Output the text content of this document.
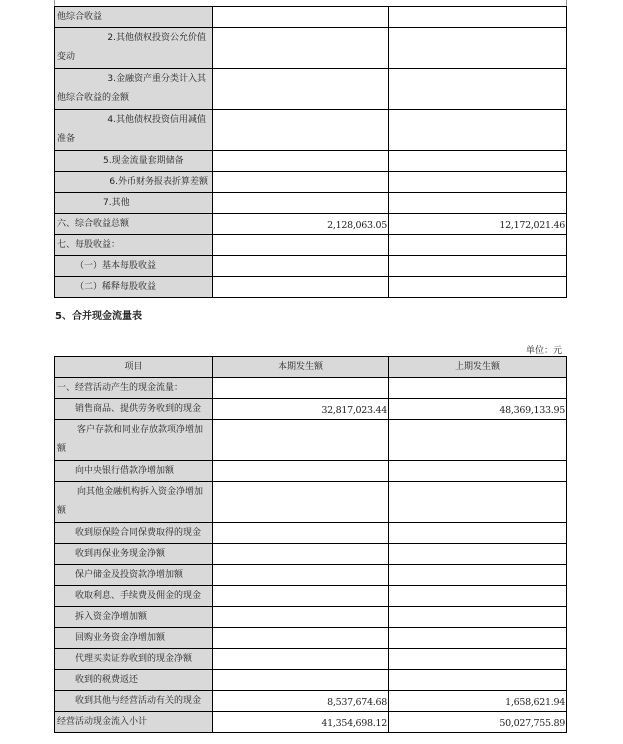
他综合收益		

2.其他债权投资公允价值
变动		

3.金融资产重分类计入其
他综合收益的金额		

4.其他债权投资信用减值
准备		

5.现金流量套期储备		
6.外币财务报表折算差额		
7.其他		
六、综合收益总额	2,128,063.05	12,172,021.46
七、每股收益：		
（一）基本每股收益		
（二）稀释每股收益		
5、合并现金流量表
单位：元
项目	本期发生额	上期发生额
一、经营活动产生的现金流量：		
销售商品、提供劳务收到的现金	32,817,023.44	48,369,133.95

客户存款和同业存放款项净增加
额		

向中央银行借款净增加额		

向其他金融机构拆入资金净增加
额		

收到原保险合同保费取得的现金		
收到再保业务现金净额		
保户储金及投资款净增加额		
收取利息、手续费及佣金的现金		
拆入资金净增加额		
回购业务资金净增加额		
代理买卖证券收到的现金净额		
收到的税费返还		
收到其他与经营活动有关的现金	8,537,674.68	1,658,621.94
经营活动现金流入小计	41,354,698.12	50,027,755.89
